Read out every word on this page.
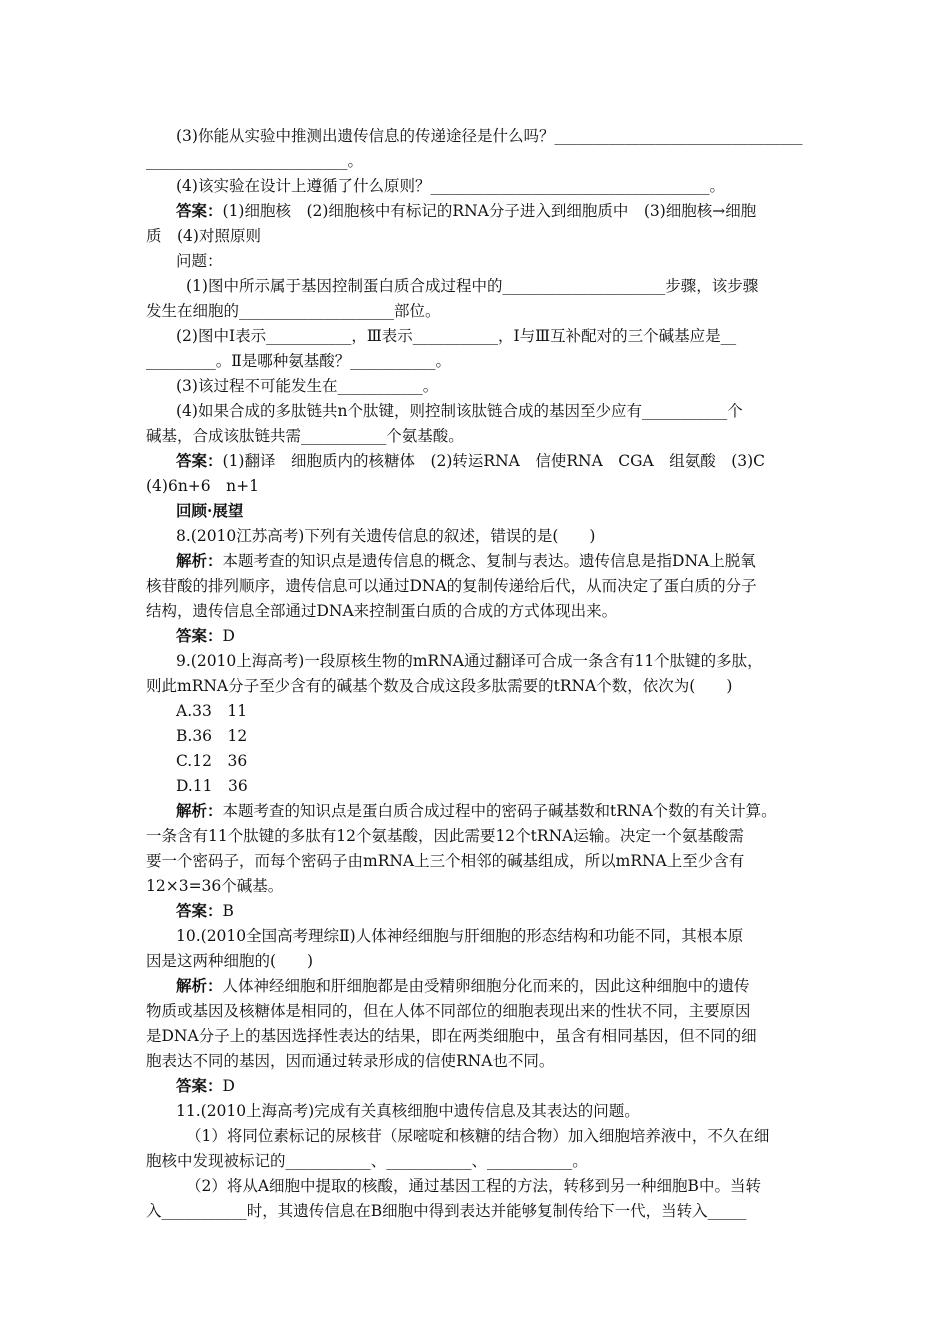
(3)你能从实验中推测出遗传信息的传递途径是什么吗？________________________________
__________________________。
(4)该实验在设计上遵循了什么原则？____________________________________。
答案：(1)细胞核　(2)细胞核中有标记的RNA分子进入到细胞质中　(3)细胞核→细胞
质　(4)对照原则
问题：
(1)图中所示属于基因控制蛋白质合成过程中的_____________________步骤，该步骤
发生在细胞的____________________部位。
(2)图中Ⅰ表示___________，Ⅲ表示___________，Ⅰ与Ⅲ互补配对的三个碱基应是__
_________。Ⅱ是哪种氨基酸？___________。
(3)该过程不可能发生在___________。
(4)如果合成的多肽链共n个肽键，则控制该肽链合成的基因至少应有___________个
碱基，合成该肽链共需___________个氨基酸。
答案：(1)翻译　细胞质内的核糖体　(2)转运RNA　信使RNA　CGA　组氨酸　(3)C
(4)6n+6　n+1
回顾·展望
8.(2010江苏高考)下列有关遗传信息的叙述，错误的是(　　)
解析：本题考查的知识点是遗传信息的概念、复制与表达。遗传信息是指DNA上脱氧
核苷酸的排列顺序，遗传信息可以通过DNA的复制传递给后代，从而决定了蛋白质的分子
结构，遗传信息全部通过DNA来控制蛋白质的合成的方式体现出来。
答案：D
9.(2010上海高考)一段原核生物的mRNA通过翻译可合成一条含有11个肽键的多肽，
则此mRNA分子至少含有的碱基个数及合成这段多肽需要的tRNA个数，依次为(　　)
A.33　11
B.36　12
C.12　36
D.11　36
解析：本题考查的知识点是蛋白质合成过程中的密码子碱基数和tRNA个数的有关计算。
一条含有11个肽键的多肽有12个氨基酸，因此需要12个tRNA运输。决定一个氨基酸需
要一个密码子，而每个密码子由mRNA上三个相邻的碱基组成，所以mRNA上至少含有
12×3=36个碱基。
答案：B
10.(2010全国高考理综Ⅱ)人体神经细胞与肝细胞的形态结构和功能不同，其根本原
因是这两种细胞的(　　)
解析：人体神经细胞和肝细胞都是由受精卵细胞分化而来的，因此这种细胞中的遗传
物质或基因及核糖体是相同的，但在人体不同部位的细胞表现出来的性状不同，主要原因
是DNA分子上的基因选择性表达的结果，即在两类细胞中，虽含有相同基因，但不同的细
胞表达不同的基因，因而通过转录形成的信使RNA也不同。
答案：D
11.(2010上海高考)完成有关真核细胞中遗传信息及其表达的问题。
（1）将同位素标记的尿核苷（尿嘧啶和核糖的结合物）加入细胞培养液中，不久在细
胞核中发现被标记的___________、___________、___________。
（2）将从A细胞中提取的核酸，通过基因工程的方法，转移到另一种细胞B中。当转
入___________时，其遗传信息在B细胞中得到表达并能够复制传给下一代，当转入_____
